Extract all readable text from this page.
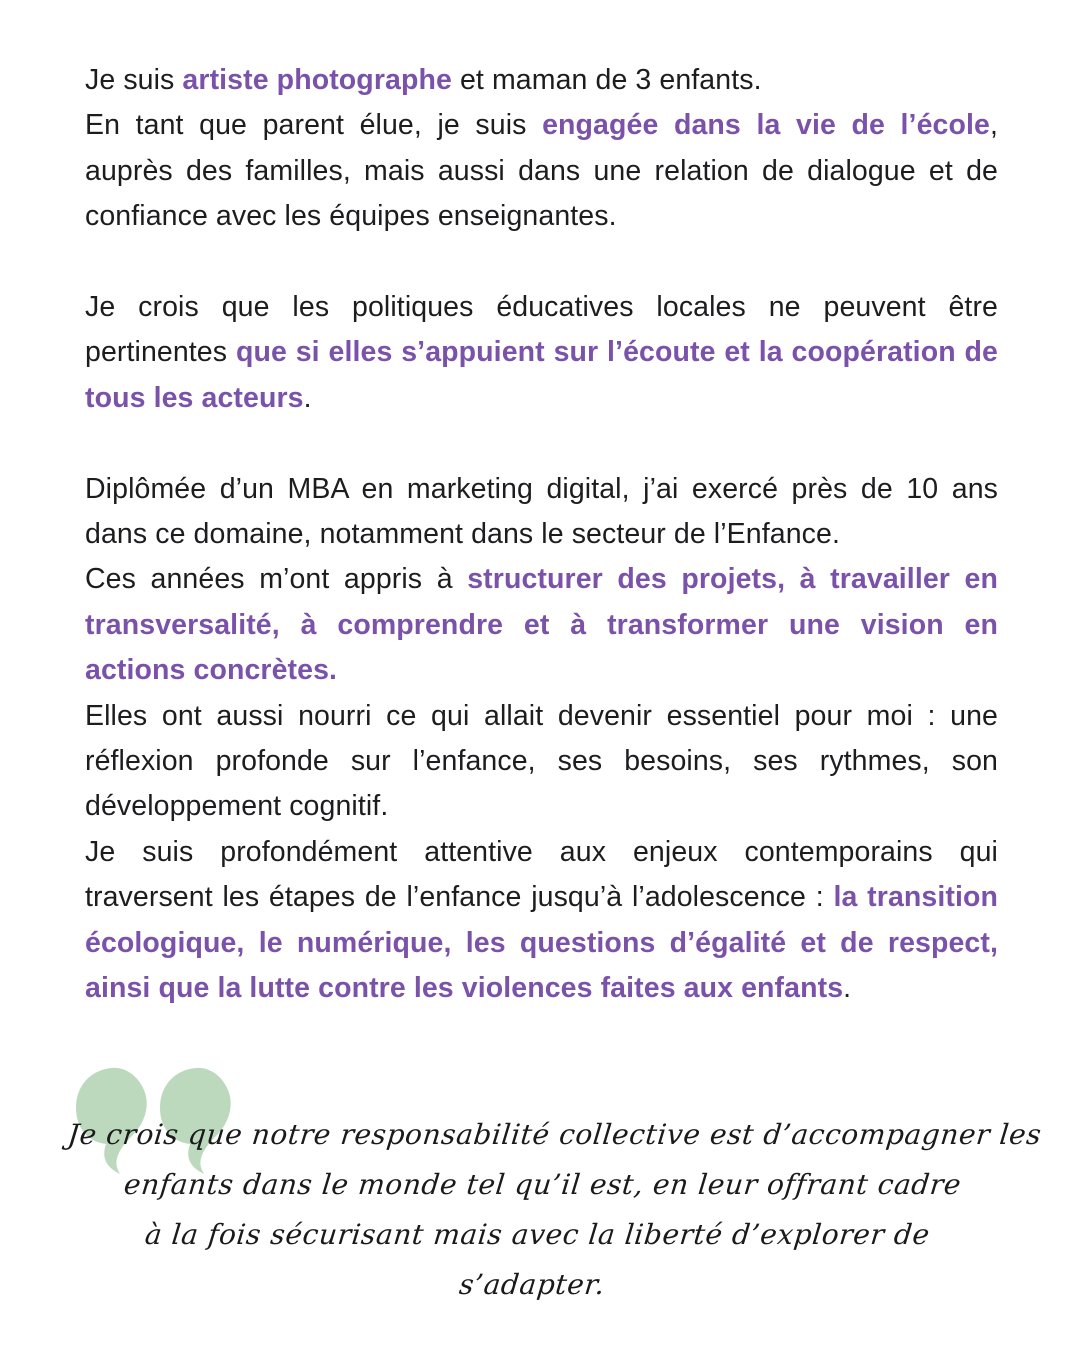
Je suis artiste photographe et maman de 3 enfants.

En tant que parent élue, je suis engagée dans la vie de l’école, auprès des familles, mais aussi dans une relation de dialogue et de confiance avec les équipes enseignantes.

Je crois que les politiques éducatives locales ne peuvent être pertinentes que si elles s’appuient sur l’écoute et la coopération de tous les acteurs.

Diplômée d’un MBA en marketing digital, j’ai exercé près de 10 ans dans ce domaine, notamment dans le secteur de l’Enfance.

Ces années m’ont appris à structurer des projets, à travailler en transversalité, à comprendre et à transformer une vision en actions concrètes.

Elles ont aussi nourri ce qui allait devenir essentiel pour moi : une réflexion profonde sur l’enfance, ses besoins, ses rythmes, son développement cognitif.

Je suis profondément attentive aux enjeux contemporains qui traversent les étapes de l’enfance jusqu’à l’adolescence : la transition écologique, le numérique, les questions d’égalité et de respect, ainsi que la lutte contre les violences faites aux enfants.

Je crois que notre responsabilité collective est d’accompagner les
enfants dans le monde tel qu’il est, en leur offrant cadre
à la fois sécurisant mais avec la liberté d’explorer de
s’adapter.
